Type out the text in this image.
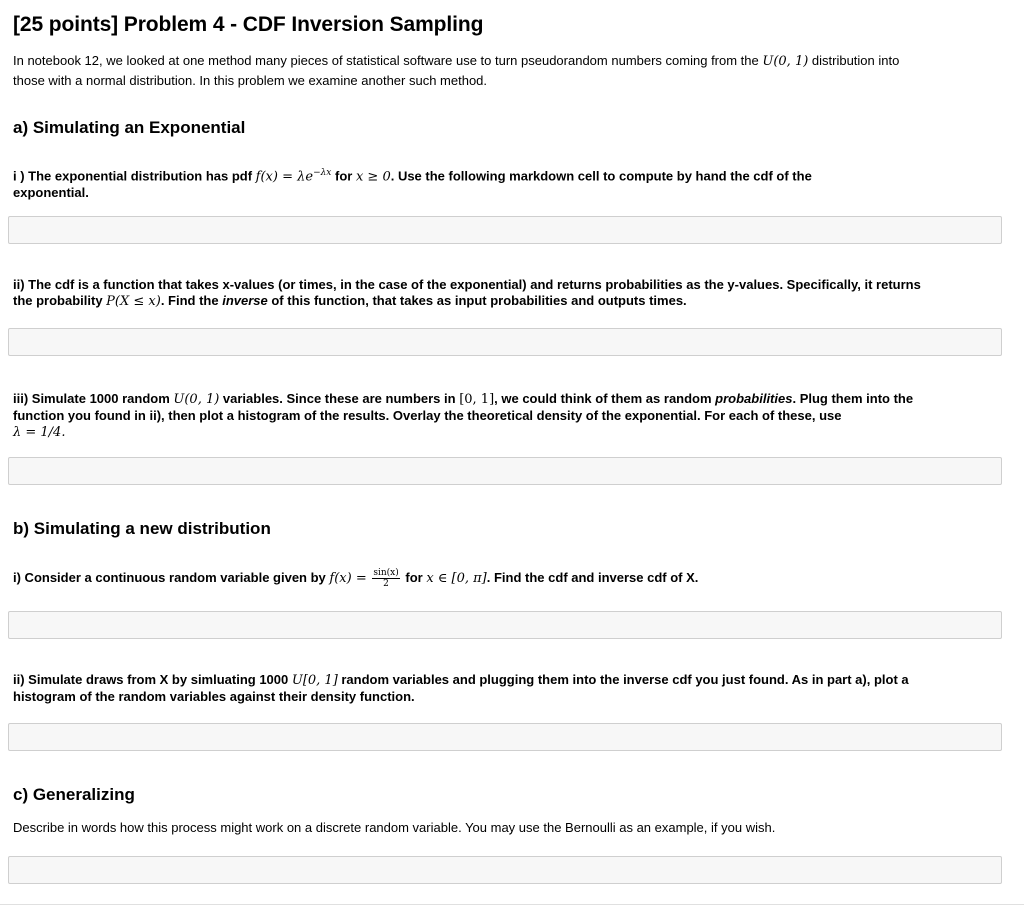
[25 points] Problem 4 - CDF Inversion Sampling

In notebook 12, we looked at one method many pieces of statistical software use to turn pseudorandom numbers coming from the U(0, 1) distribution into

those with a normal distribution. In this problem we examine another such method.

a) Simulating an Exponential

i ) The exponential distribution has pdf $f(x) = \lambda e^{-\lambda x}$ for x ≥ 0. Use the following markdown cell to compute by hand the cdf of the

exponential.

ii) The cdf is a function that takes x-values (or times, in the case of the exponential) and returns probabilities as the y-values. Specifically, it returns

the probability P(X ≤ x). Find the inverse of this function, that takes as input probabilities and outputs times.

iii) Simulate 1000 random U(0, 1) variables. Since these are numbers in [0, 1], we could think of them as random probabilities. Plug them into the

function you found in ii), then plot a histogram of the results. Overlay the theoretical density of the exponential. For each of these, use

λ = 1/4.

b) Simulating a new distribution

i) Consider a continuous random variable given by $f(x) = \frac{\sin(x)}{2}$ for x ∈ [0, π]. Find the cdf and inverse cdf of X.

ii) Simulate draws from X by simluating 1000 U[0, 1] random variables and plugging them into the inverse cdf you just found. As in part a), plot a

histogram of the random variables against their density function.

c) Generalizing

Describe in words how this process might work on a discrete random variable. You may use the Bernoulli as an example, if you wish.
